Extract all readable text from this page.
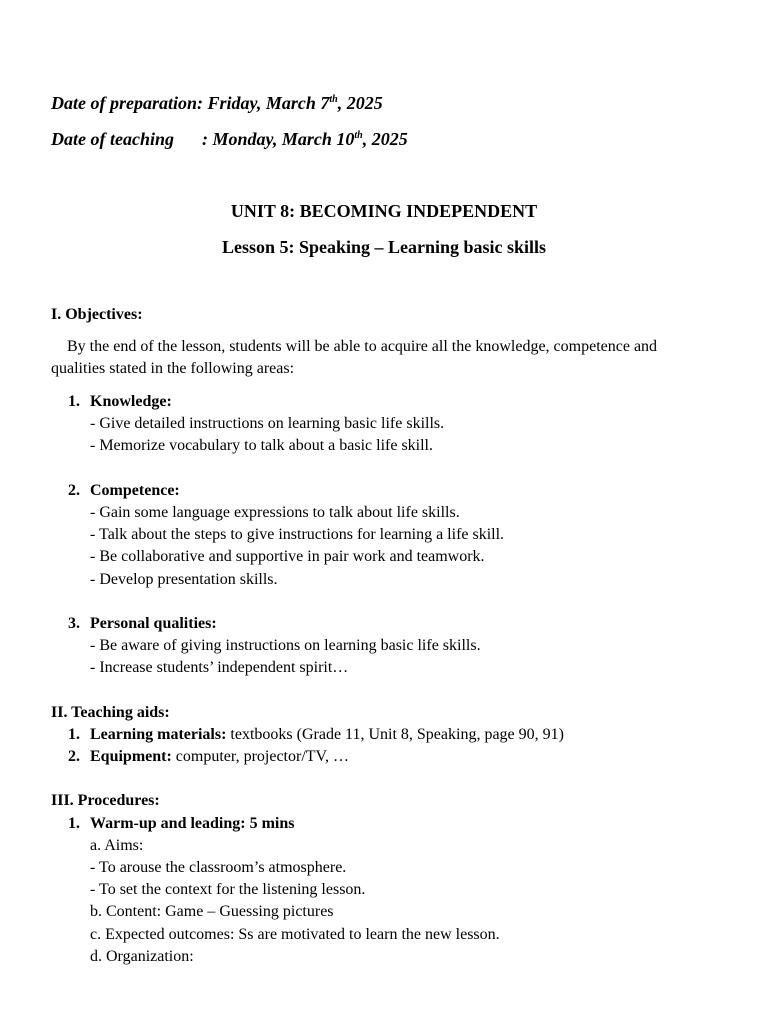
Date of preparation: Friday, March 7th, 2025
Date of teaching : Monday, March 10th, 2025
UNIT 8: BECOMING INDEPENDENT
Lesson 5: Speaking – Learning basic skills
I. Objectives:
By the end of the lesson, students will be able to acquire all the knowledge, competence and
qualities stated in the following areas:
1. Knowledge:
- Give detailed instructions on learning basic life skills.
- Memorize vocabulary to talk about a basic life skill.
2. Competence:
- Gain some language expressions to talk about life skills.
- Talk about the steps to give instructions for learning a life skill.
- Be collaborative and supportive in pair work and teamwork.
- Develop presentation skills.
3. Personal qualities:
- Be aware of giving instructions on learning basic life skills.
- Increase students’ independent spirit…
II. Teaching aids:
1. Learning materials: textbooks (Grade 11, Unit 8, Speaking, page 90, 91)
2. Equipment: computer, projector/TV, …
III. Procedures:
1. Warm-up and leading: 5 mins
a. Aims:
- To arouse the classroom’s atmosphere.
- To set the context for the listening lesson.
b. Content: Game – Guessing pictures
c. Expected outcomes: Ss are motivated to learn the new lesson.
d. Organization:
